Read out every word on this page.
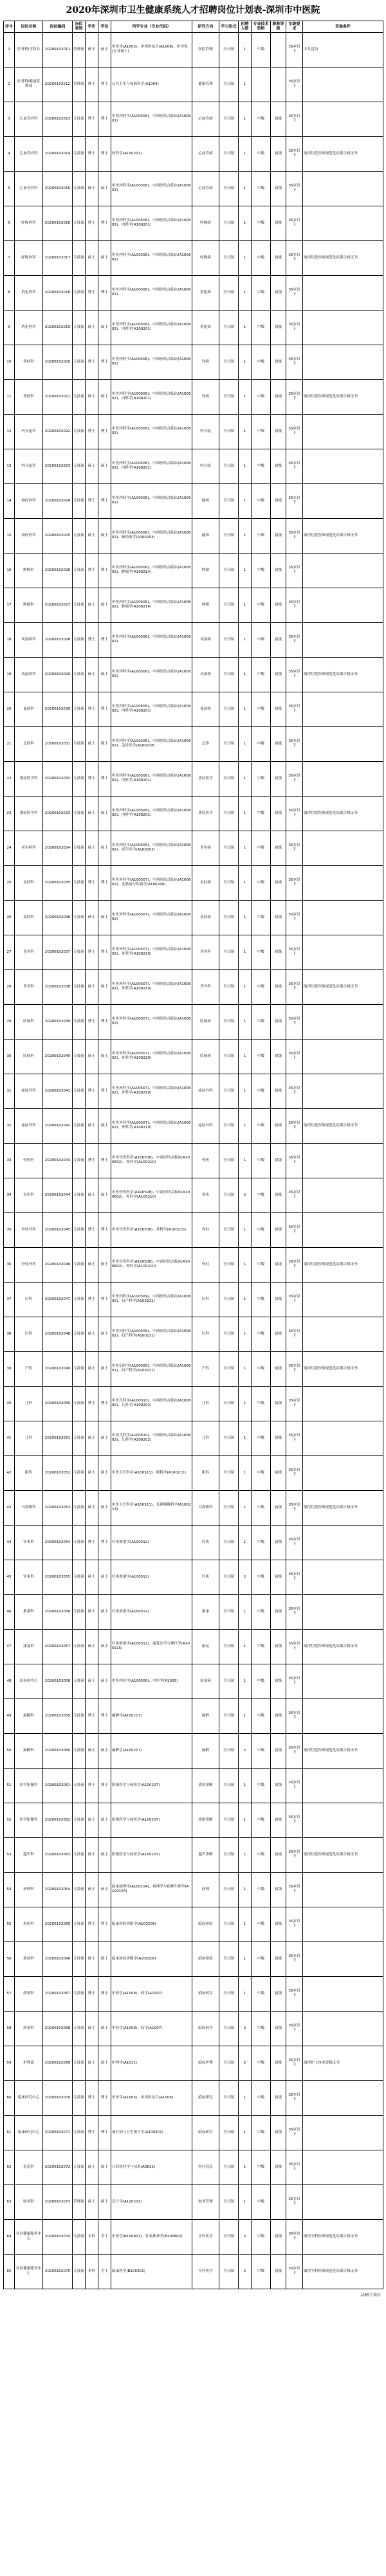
2020年深圳市卫生健康系统人才招聘岗位计划表-深圳市中医院
序号	岗位名称	岗位编码	岗位类别	学历	学位	所学专业（专业代码）	研究方向	学习形式	招聘人数	专业技术资格	职称等级	年龄要求	其他条件
1	医务科/学科办	20200102011	管理岗	硕士	硕士	中医学(A1005)、中西医结合(A1006)、医学类(专业硕士)	医院管理	全日制	1	中级		35岁以下	中共党员
2	医务科/健康管理部	20200102012	管理岗	博士	博士	公共卫生与预防医学(A1004)	健康管理	全日制	1			35岁以下	
3	心血管内科	20200102013	专技岗	博士	博士	中医内科学(A100506)、中西医结合临床(A100602)	心血管病	全日制	1	中级	初级	35岁以下	
4	心血管内科	20200102014	专技岗	博士	博士	内科学(A100201)	心血管病	全日制	1	中级	初级	35岁以下	取得住院医师规范化培训合格证书
5	心血管内科	20200102015	专技岗	硕士	硕士	中医内科学(A100506)、中西医结合临床(A100602)	心血管病	全日制	1	中级	初级	35岁以下	
6	呼吸内科	20200102016	专技岗	博士	博士	中医内科学(A100506)、中西医结合临床(A100602)、内科学(A100201)	呼吸病	全日制	1	中级	初级	35岁以下	
7	呼吸内科	20200102017	专技岗	硕士	硕士	中医内科学(A100506)、中西医结合临床(A100602)	呼吸病	全日制	1	中级	初级	35岁以下	取得住院医师规范化培训合格证书
8	消化内科	20200102018	专技岗	博士	博士	中医内科学(A100506)、中西医结合临床(A100602)	消化病	全日制	1	中级	初级	35岁以下	
9	消化内科	20200102019	专技岗	硕士	硕士	中医内科学(A100506)、中西医结合临床(A100602)、内科学(A100201)	消化病	全日制	1	中级	初级	35岁以下	
10	肾病科	20200102020	专技岗	博士	博士	中医内科学(A100506)、中西医结合临床(A100602)	肾病	全日制	1	中级	初级	35岁以下	
11	肾病科	20200102021	专技岗	硕士	硕士	中医内科学(A100506)、中西医结合临床(A100602)、内科学(A100201)	肾病	全日制	1	中级	初级	35岁以下	取得住院医师规范化培训合格证书
12	内分泌科	20200102022	专技岗	博士	博士	中医内科学(A100506)、中西医结合临床(A100602)	内分泌	全日制	1	中级	初级	35岁以下	
13	内分泌科	20200102023	专技岗	硕士	硕士	中医内科学(A100506)、中西医结合临床(A100602)、内科学(A100201)	内分泌	全日制	1	中级	初级	35岁以下	
14	神经内科	20200102024	专技岗	博士	博士	中医内科学(A100506)、中西医结合临床(A100602)	脑病	全日制	1	中级	初级	35岁以下	
15	神经内科	20200102025	专技岗	硕士	硕士	中医内科学(A100506)、中西医结合临床(A100602)、神经病学(A100204)	脑病	全日制	1	中级	初级	35岁以下	取得住院医师规范化培训合格证书
16	肿瘤科	20200102026	专技岗	博士	博士	中医内科学(A100506)、中西医结合临床(A100602)、肿瘤学(A100214)	肿瘤	全日制	1	中级	初级	35岁以下	
17	肿瘤科	20200102027	专技岗	硕士	硕士	中医内科学(A100506)、中西医结合临床(A100602)、肿瘤学(A100214)	肿瘤	全日制	1	中级	初级	35岁以下	
18	风湿病科	20200102028	专技岗	博士	博士	中医内科学(A100506)、中西医结合临床(A100602)	风湿病	全日制	1	中级	初级	35岁以下	
19	风湿病科	20200102029	专技岗	硕士	硕士	中医内科学(A100506)、中西医结合临床(A100602)	风湿病	全日制	1	中级	初级	35岁以下	取得住院医师规范化培训合格证书
20	血液科	20200102030	专技岗	博士	博士	中医内科学(A100506)、中西医结合临床(A100602)、内科学(A100201)	血液病	全日制	1	中级	初级	35岁以下	
21	急诊科	20200102031	专技岗	硕士	硕士	中医内科学(A100506)、中西医结合临床(A100602)、急诊医学(A100218)	急诊	全日制	1	中级	初级	35岁以下	
22	重症医学科	20200102032	专技岗	博士	博士	中医内科学(A100506)、中西医结合临床(A100602)、内科学(A100201)	重症医学	全日制	1	中级	初级	35岁以下	
23	重症医学科	20200102033	专技岗	硕士	硕士	中医内科学(A100506)、中西医结合临床(A100602)、内科学(A100201)	重症医学	全日制	1	中级	初级	35岁以下	取得住院医师规范化培训合格证书
24	老年病科	20200102034	专技岗	硕士	硕士	中医内科学(A100506)、中西医结合临床(A100602)、老年医学(A100203)	老年病	全日制	1	中级	初级	35岁以下	
25	皮肤科	20200102035	专技岗	博士	博士	中医外科学(A100507)、中西医结合临床(A100602)、皮肤病与性病学(A100206)	皮肤病	全日制	1	中级	初级	35岁以下	
26	皮肤科	20200102036	专技岗	硕士	硕士	中医外科学(A100507)、中西医结合临床(A100602)	皮肤病	全日制	1	中级	初级	35岁以下	
27	普外科	20200102037	专技岗	博士	博士	中医外科学(A100507)、中西医结合临床(A100602)、外科学(A100210)	普外科	全日制	1	中级	初级	35岁以下	
28	普外科	20200102038	专技岗	硕士	硕士	中医外科学(A100507)、中西医结合临床(A100602)、外科学(A100210)	普外科	全日制	1	中级	初级	35岁以下	取得住院医师规范化培训合格证书
29	肛肠科	20200102039	专技岗	博士	博士	中医外科学(A100507)、中西医结合临床(A100602)	肛肠病	全日制	1	中级	初级	35岁以下	
30	肛肠科	20200102040	专技岗	硕士	硕士	中医外科学(A100507)、中西医结合临床(A100602)、外科学(A100210)	肛肠病	全日制	1	中级	初级	35岁以下	
31	泌尿外科	20200102041	专技岗	博士	博士	中医外科学(A100507)、中西医结合临床(A100602)、外科学(A100210)	泌尿外科	全日制	1	中级	初级	35岁以下	
32	泌尿外科	20200102042	专技岗	硕士	硕士	中医外科学(A100507)、中西医结合临床(A100602)、外科学(A100210)	泌尿外科	全日制	1	中级	初级	35岁以下	取得住院医师规范化培训合格证书
33	骨伤科	20200102043	专技岗	博士	博士	中医骨伤科学(A100508)、中西医结合临床(A100602)、外科学(A100210)	骨伤	全日制	1	中级	初级	35岁以下	
34	骨伤科	20200102044	专技岗	硕士	硕士	中医骨伤科学(A100508)、中西医结合临床(A100602)、外科学(A100210)	骨伤	全日制	2	中级	初级	35岁以下	
35	脊柱外科	20200102045	专技岗	博士	博士	中医骨伤科学(A100508)、外科学(A100210)	脊柱	全日制	1	中级	初级	35岁以下	
36	脊柱外科	20200102046	专技岗	硕士	硕士	中医骨伤科学(A100508)、中西医结合临床(A100602)、外科学(A100210)	脊柱	全日制	1	中级	初级	35岁以下	取得住院医师规范化培训合格证书
37	妇科	20200102047	专技岗	博士	博士	中医妇科学(A100509)、中西医结合临床(A100602)、妇产科学(A100211)	妇科	全日制	1	中级	初级	35岁以下	
38	妇科	20200102048	专技岗	硕士	硕士	中医妇科学(A100509)、中西医结合临床(A100602)、妇产科学(A100211)	妇科	全日制	1	中级	初级	35岁以下	
39	产科	20200102049	专技岗	硕士	硕士	中医妇科学(A100509)、中西医结合临床(A100602)、妇产科学(A100211)	产科	全日制	1	中级	初级	35岁以下	取得住院医师规范化培训合格证书
40	儿科	20200102050	专技岗	博士	博士	中医儿科学(A100510)、中西医结合临床(A100602)、儿科学(A100202)	儿科	全日制	1	中级	初级	35岁以下	
41	儿科	20200102051	专技岗	硕士	硕士	中医儿科学(A100510)、中西医结合临床(A100602)、儿科学(A100202)	儿科	全日制	1	中级	初级	35岁以下	
42	眼科	20200102052	专技岗	硕士	硕士	中医五官科学(A100511)、眼科学(A100212)	眼科	全日制	1	中级	初级	35岁以下	
43	耳鼻喉科	20200102053	专技岗	硕士	硕士	中医五官科学(A100511)、耳鼻咽喉科学(A100213)	耳鼻喉科	全日制	1	中级	初级	35岁以下	取得住院医师规范化培训合格证书
44	针灸科	20200102054	专技岗	博士	博士	针灸推拿学(A100512)	针灸	全日制	1	中级	初级	35岁以下	
45	针灸科	20200102055	专技岗	硕士	硕士	针灸推拿学(A100512)	针灸	全日制	2	中级	初级	35岁以下	
46	推拿科	20200102056	专技岗	硕士	硕士	针灸推拿学(A100512)	推拿	全日制	1	中级	初级	35岁以下	
47	康复科	20200102057	专技岗	硕士	硕士	针灸推拿学(A100512)、康复医学与理疗学(A100215)	康复	全日制	1	中级	初级	35岁以下	取得住院医师规范化培训合格证书
48	治未病中心	20200102058	专技岗	硕士	硕士	中医内科学(A100506)、中医学(A1005)	治未病	全日制	1	中级	初级	35岁以下	
49	麻醉科	20200102059	专技岗	博士	博士	麻醉学(A100217)	麻醉	全日制	1	中级	初级	35岁以下	
50	麻醉科	20200102060	专技岗	硕士	硕士	麻醉学(A100217)	麻醉	全日制	2	中级	初级	35岁以下	取得住院医师规范化培训合格证书
51	医学影像科	20200102061	专技岗	博士	博士	影像医学与核医学(A100207)	放射诊断	全日制	1	中级	初级	35岁以下	
52	医学影像科	20200102062	专技岗	硕士	硕士	影像医学与核医学(A100207)	放射诊断	全日制	1	中级	初级	35岁以下	
53	超声科	20200102063	专技岗	硕士	硕士	影像医学与核医学(A100207)	超声诊断	全日制	1	中级	初级	35岁以下	取得住院医师规范化培训合格证书
54	病理科	20200102064	专技岗	硕士	硕士	临床病理学(A100104)、病理学与病理生理学(A100104)	病理	全日制	1	中级	初级	35岁以下	
55	检验科	20200102065	专技岗	博士	博士	临床检验诊断学(A100208)	临床检验	全日制	1	中级	初级	35岁以下	
56	检验科	20200102066	专技岗	硕士	硕士	临床检验诊断学(A100208)	临床检验	全日制	1	中级	初级	35岁以下	
57	药剂科	20200102067	专技岗	博士	博士	中药学(A1008)、药学(A1007)	临床药学	全日制	1	中级	初级	35岁以下	
58	药剂科	20200102068	专技岗	硕士	硕士	中药学(A1008)、药学(A1007)	临床药学	全日制	2	中级	初级	35岁以下	
59	护理部	20200102069	专技岗	硕士	硕士	护理学(A1011)	临床护理	全日制	2	中级	初级	35岁以下	取得护士执业资格证书
60	临床研究中心	20200102070	专技岗	博士	博士	中医学(A1005)、中西医结合(A1006)	临床研究	全日制	1	中级	初级	35岁以下	
61	临床研究中心	20200102071	专技岗	博士	博士	流行病与卫生统计学(A100401)	临床研究	全日制	1	中级	初级	35岁以下	
62	信息科	20200102072	专技岗	硕士	硕士	计算机科学与技术(A0812)	医疗信息	全日制	1	中级	初级	35岁以下	
63	财务科	20200102073	管理岗	硕士	硕士	会计学(A120201)	财务管理	全日制	1	中级		35岁以下	
64	社区健康服务中心	20200102074	专技岗	本科	学士	中医学(B100801)、针灸推拿学(B100802)	全科医学	全日制	2	中级	初级	35岁以下	取得全科医师规范化培训合格证书
65	社区健康服务中心	20200102075	专技岗	本科	学士	临床医学(B100301)	全科医学	全日制	2	中级	初级	35岁以下	取得全科医师规范化培训合格证书
共65个岗位
